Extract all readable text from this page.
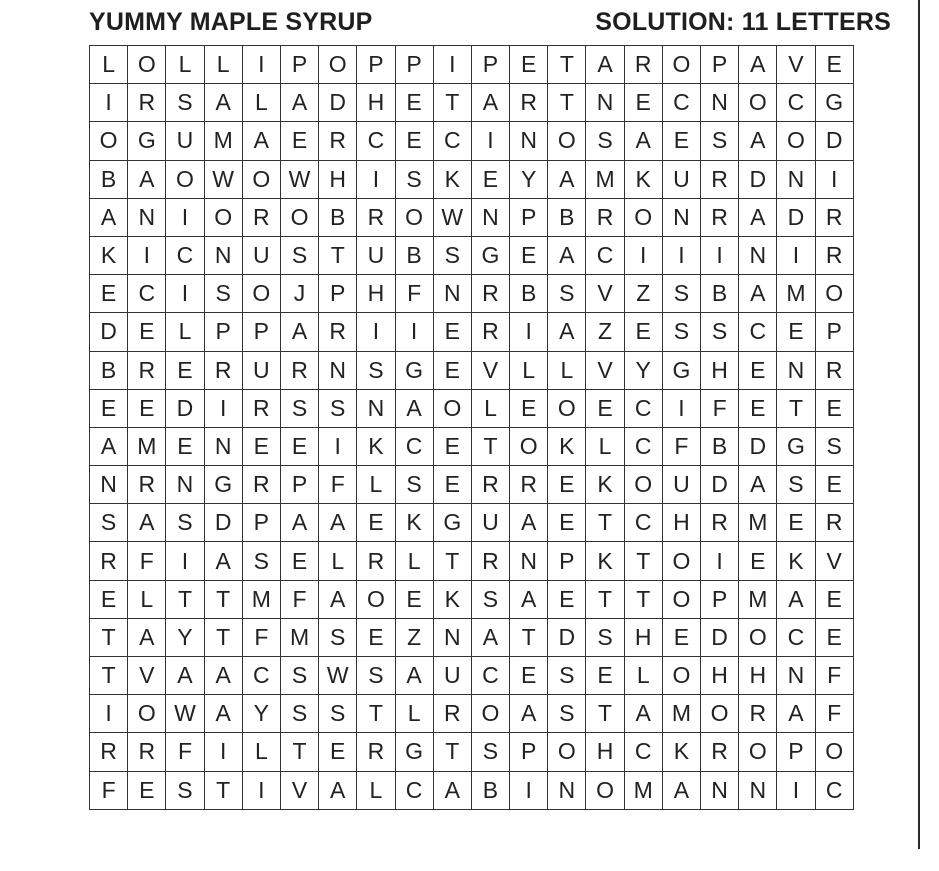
YUMMY MAPLE SYRUP	SOLUTION: 11 LETTERS
L	O	L	L	I	P	O	P	P	I	P	E	T	A	R	O	P	A	V	E
I	R	S	A	L	A	D	H	E	T	A	R	T	N	E	C	N	O	C	G
O	G	U	M	A	E	R	C	E	C	I	N	O	S	A	E	S	A	O	D
B	A	O	W	O	W	H	I	S	K	E	Y	A	M	K	U	R	D	N	I
A	N	I	O	R	O	B	R	O	W	N	P	B	R	O	N	R	A	D	R
K	I	C	N	U	S	T	U	B	S	G	E	A	C	I	I	I	N	I	R
E	C	I	S	O	J	P	H	F	N	R	B	S	V	Z	S	B	A	M	O
D	E	L	P	P	A	R	I	I	E	R	I	A	Z	E	S	S	C	E	P
B	R	E	R	U	R	N	S	G	E	V	L	L	V	Y	G	H	E	N	R
E	E	D	I	R	S	S	N	A	O	L	E	O	E	C	I	F	E	T	E
A	M	E	N	E	E	I	K	C	E	T	O	K	L	C	F	B	D	G	S
N	R	N	G	R	P	F	L	S	E	R	R	E	K	O	U	D	A	S	E
S	A	S	D	P	A	A	E	K	G	U	A	E	T	C	H	R	M	E	R
R	F	I	A	S	E	L	R	L	T	R	N	P	K	T	O	I	E	K	V
E	L	T	T	M	F	A	O	E	K	S	A	E	T	T	O	P	M	A	E
T	A	Y	T	F	M	S	E	Z	N	A	T	D	S	H	E	D	O	C	E
T	V	A	A	C	S	W	S	A	U	C	E	S	E	L	O	H	H	N	F
I	O	W	A	Y	S	S	T	L	R	O	A	S	T	A	M	O	R	A	F
R	R	F	I	L	T	E	R	G	T	S	P	O	H	C	K	R	O	P	O
F	E	S	T	I	V	A	L	C	A	B	I	N	O	M	A	N	N	I	C
